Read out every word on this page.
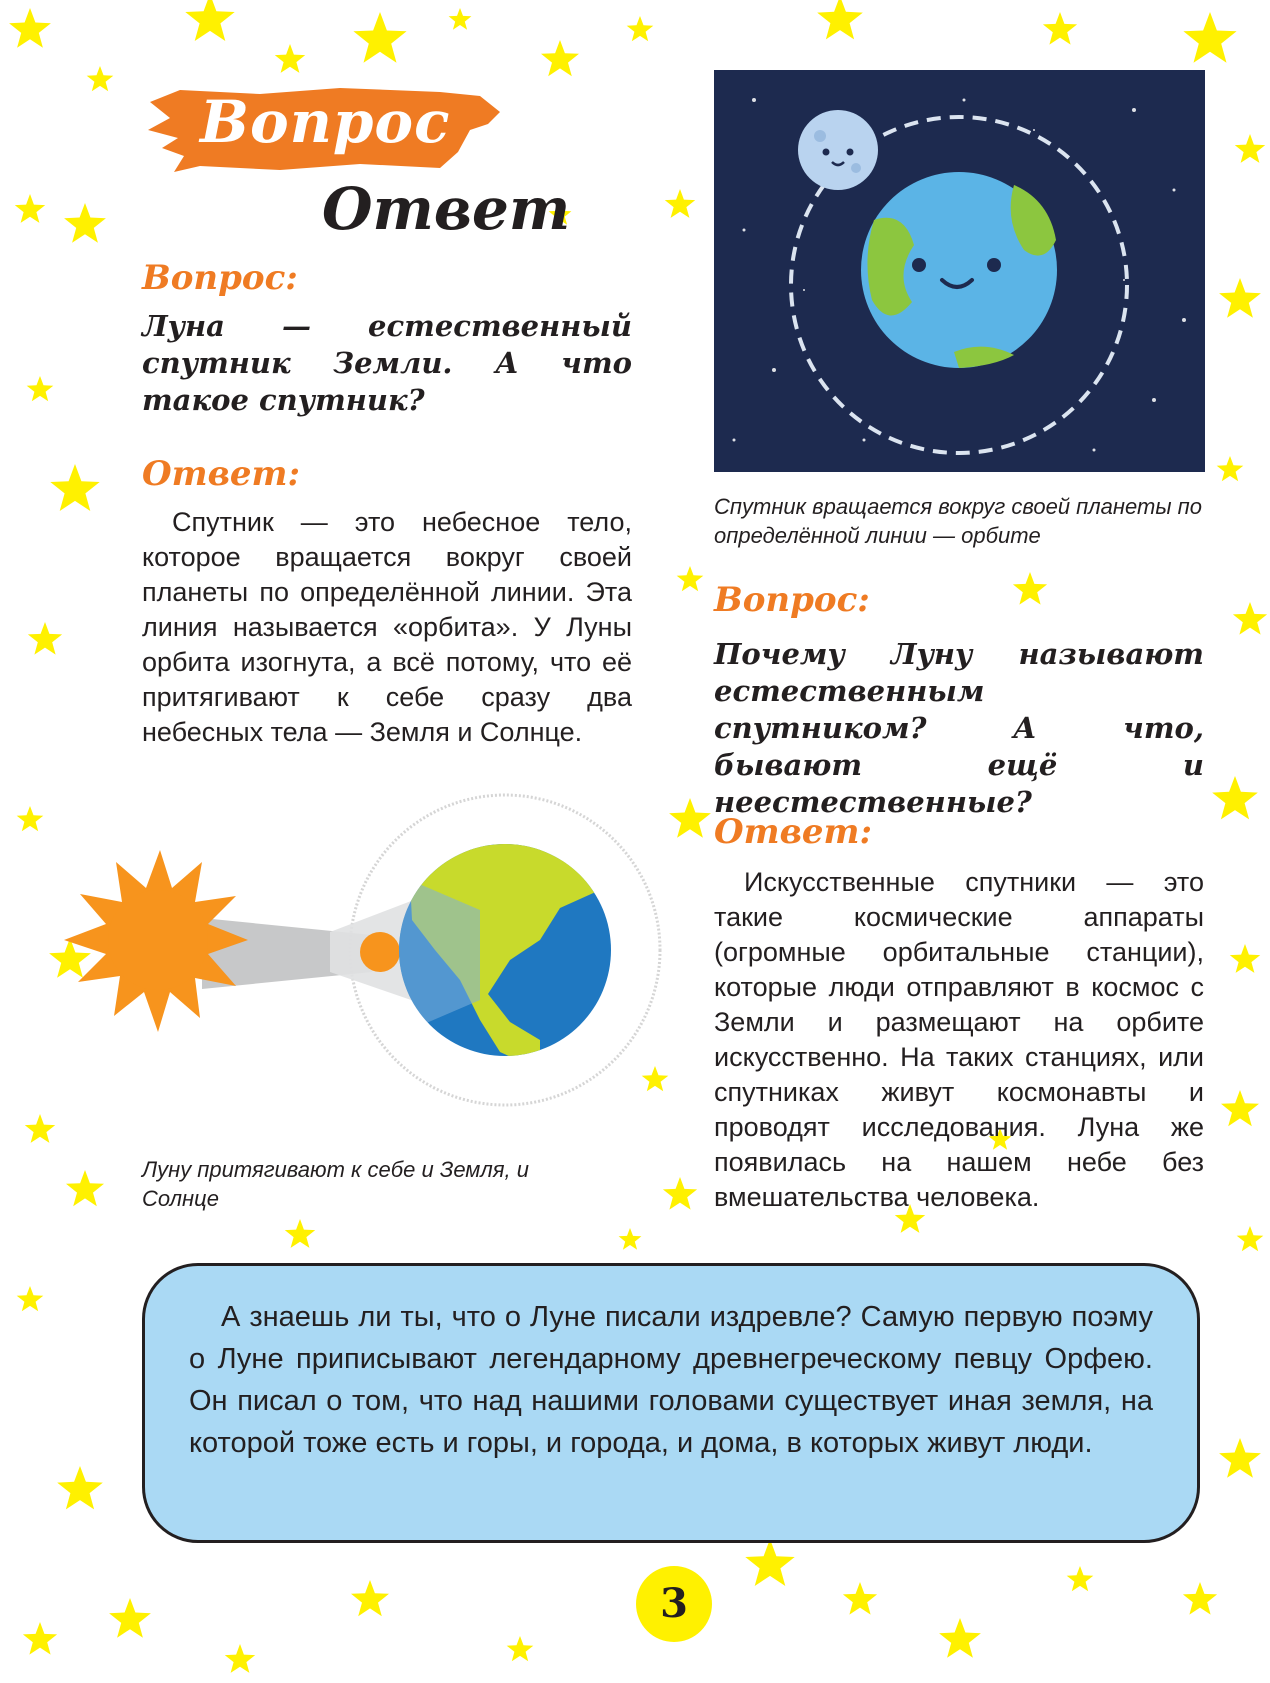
Вопрос
Ответ
Вопрос:
Луна — естественный спутник Земли. А что такое спутник?
Ответ:
Спутник — это небесное тело, которое вращается вокруг своей планеты по определённой линии. Эта линия называется «орбита». У Луны орбита изогнута, а всё потому, что её притягивают к себе сразу два небесных тела — Земля и Солнце.
Луну притягивают к себе и Земля, и Солнце
Спутник вращается вокруг своей планеты по определённой линии — орбите
Вопрос:
Почему Луну называют естественным спутником? А что, бывают ещё и неестественные?
Ответ:
Искусственные спутники — это такие космические аппараты (огромные орбитальные станции), которые люди отправляют в космос с Земли и размещают на орбите искусственно. На таких станциях, или спутниках живут космонавты и проводят исследования. Луна же появилась на нашем небе без вмешательства человека.

А знаешь ли ты, что о Луне писали издревле? Самую первую поэму о Луне приписывают легендарному древнегреческому певцу Орфею. Он писал о том, что над нашими головами существует иная земля, на которой тоже есть и горы, и города, и дома, в которых живут люди.

3
